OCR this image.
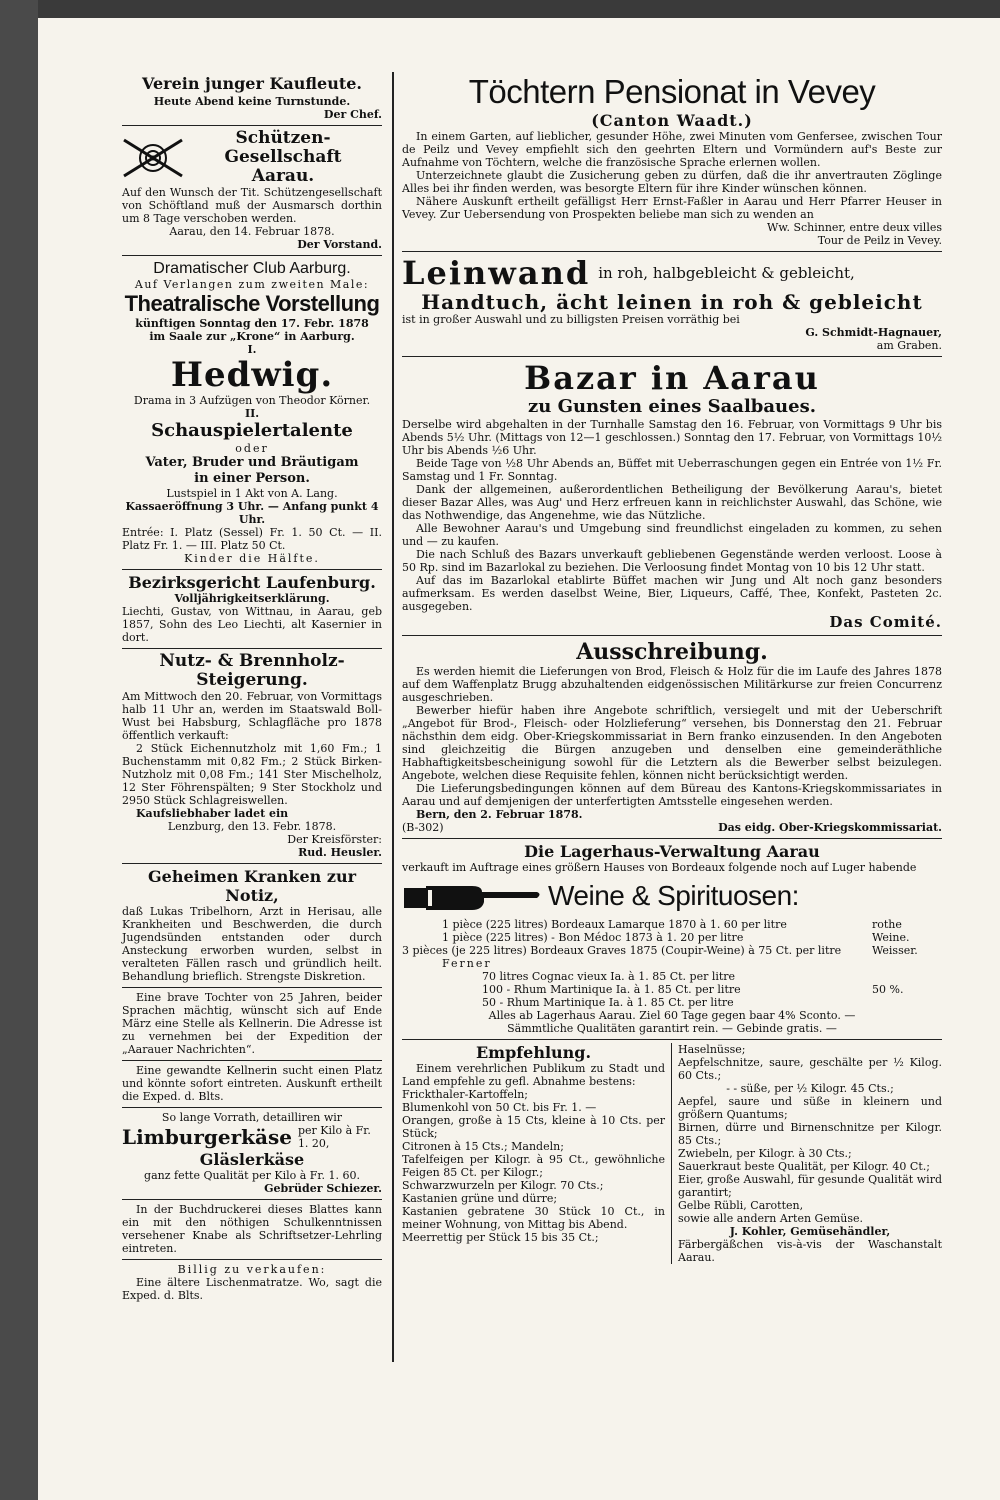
Verein junger Kaufleute.

Heute Abend keine Turnstunde.

Der Chef.

Schützen-Gesellschaft

Aarau.

Auf den Wunsch der Tit. Schützengesellschaft von Schöftland muß der Ausmarsch dorthin um 8 Tage verschoben werden.

Aarau, den 14. Februar 1878.

Der Vorstand.

Dramatischer Club Aarburg.

Auf Verlangen zum zweiten Male:

Theatralische Vorstellung

künftigen Sonntag den 17. Febr. 1878

im Saale zur „Krone“ in Aarburg.

I.

Hedwig.

Drama in 3 Aufzügen von Theodor Körner.

II.

Schauspielertalente

oder

Vater, Bruder und Bräutigam

in einer Person.

Lustspiel in 1 Akt von A. Lang.

Kassaeröffnung 3 Uhr. — Anfang punkt 4 Uhr.

Entrée: I. Platz (Sessel) Fr. 1. 50 Ct. — II. Platz Fr. 1. — III. Platz 50 Ct.

Kinder die Hälfte.

Bezirksgericht Laufenburg.

Volljährigkeitserklärung.

Liechti, Gustav, von Wittnau, in Aarau, geb 1857, Sohn des Leo Liechti, alt Kasernier in dort.

Nutz- & Brennholz-Steigerung.

Am Mittwoch den 20. Februar, von Vormittags halb 11 Uhr an, werden im Staatswald Boll-Wust bei Habsburg, Schlagfläche pro 1878 öffentlich verkauft:

2 Stück Eichennutzholz mit 1,60 Fm.; 1 Buchenstamm mit 0,82 Fm.; 2 Stück Birken-Nutzholz mit 0,08 Fm.; 141 Ster Mischelholz, 12 Ster Föhrenspälten; 9 Ster Stockholz und 2950 Stück Schlagreiswellen.

Kaufsliebhaber ladet ein

Lenzburg, den 13. Febr. 1878.

Der Kreisförster:

Rud. Heusler.

Geheimen Kranken zur Notiz,

daß Lukas Tribelhorn, Arzt in Herisau, alle Krankheiten und Beschwerden, die durch Jugendsünden entstanden oder durch Ansteckung erworben wurden, selbst in veralteten Fällen rasch und gründlich heilt. Behandlung brieflich. Strengste Diskretion.

Eine brave Tochter von 25 Jahren, beider Sprachen mächtig, wünscht sich auf Ende März eine Stelle als Kellnerin. Die Adresse ist zu vernehmen bei der Expedition der „Aarauer Nachrichten“.

Eine gewandte Kellnerin sucht einen Platz und könnte sofort eintreten. Auskunft ertheilt die Exped. d. Blts.

So lange Vorrath, detailliren wir

Limburgerkäse per Kilo à Fr. 1. 20,

Gläslerkäse

ganz fette Qualität per Kilo à Fr. 1. 60.

Gebrüder Schiezer.

In der Buchdruckerei dieses Blattes kann ein mit den nöthigen Schulkenntnissen versehener Knabe als Schriftsetzer-Lehrling eintreten.

Billig zu verkaufen:

Eine ältere Lischenmatratze. Wo, sagt die Exped. d. Blts.

Töchtern Pensionat in Vevey

(Canton Waadt.)

In einem Garten, auf lieblicher, gesunder Höhe, zwei Minuten vom Genfersee, zwischen Tour de Peilz und Vevey empfiehlt sich den geehrten Eltern und Vormündern auf's Beste zur Aufnahme von Töchtern, welche die französische Sprache erlernen wollen.

Unterzeichnete glaubt die Zusicherung geben zu dürfen, daß die ihr anvertrauten Zöglinge Alles bei ihr finden werden, was besorgte Eltern für ihre Kinder wünschen können.

Nähere Auskunft ertheilt gefälligst Herr Ernst-Faßler in Aarau und Herr Pfarrer Heuser in Vevey. Zur Uebersendung von Prospekten beliebe man sich zu wenden an

Ww. Schinner, entre deux villes

Tour de Peilz in Vevey.

Leinwand in roh, halbgebleicht & gebleicht,

Handtuch, ächt leinen in roh & gebleicht

ist in großer Auswahl und zu billigsten Preisen vorräthig bei

G. Schmidt-Hagnauer,

am Graben.

Bazar in Aarau

zu Gunsten eines Saalbaues.

Derselbe wird abgehalten in der Turnhalle Samstag den 16. Februar, von Vormittags 9 Uhr bis Abends 5½ Uhr. (Mittags von 12—1 geschlossen.) Sonntag den 17. Februar, von Vormittags 10½ Uhr bis Abends ½6 Uhr.

Beide Tage von ½8 Uhr Abends an, Büffet mit Ueberraschungen gegen ein Entrée von 1½ Fr. Samstag und 1 Fr. Sonntag.

Dank der allgemeinen, außerordentlichen Betheiligung der Bevölkerung Aarau's, bietet dieser Bazar Alles, was Aug' und Herz erfreuen kann in reichlichster Auswahl, das Schöne, wie das Nothwendige, das Angenehme, wie das Nützliche.

Alle Bewohner Aarau's und Umgebung sind freundlichst eingeladen zu kommen, zu sehen und — zu kaufen.

Die nach Schluß des Bazars unverkauft gebliebenen Gegenstände werden verloost. Loose à 50 Rp. sind im Bazarlokal zu beziehen. Die Verloosung findet Montag von 10 bis 12 Uhr statt.

Auf das im Bazarlokal etablirte Büffet machen wir Jung und Alt noch ganz besonders aufmerksam. Es werden daselbst Weine, Bier, Liqueurs, Caffé, Thee, Konfekt, Pasteten 2c. ausgegeben.

Das Comité.

Ausschreibung.

Es werden hiemit die Lieferungen von Brod, Fleisch & Holz für die im Laufe des Jahres 1878 auf dem Waffenplatz Brugg abzuhaltenden eidgenössischen Militärkurse zur freien Concurrenz ausgeschrieben.

Bewerber hiefür haben ihre Angebote schriftlich, versiegelt und mit der Ueberschrift „Angebot für Brod-, Fleisch- oder Holzlieferung“ versehen, bis Donnerstag den 21. Februar nächsthin dem eidg. Ober-Kriegskommissariat in Bern franko einzusenden. In den Angeboten sind gleichzeitig die Bürgen anzugeben und denselben eine gemeinderäthliche Habhaftigkeitsbescheinigung sowohl für die Letztern als die Bewerber selbst beizulegen. Angebote, welchen diese Requisite fehlen, können nicht berücksichtigt werden.

Die Lieferungsbedingungen können auf dem Büreau des Kantons-Kriegskommissariates in Aarau und auf demjenigen der unterfertigten Amtsstelle eingesehen werden.

Bern, den 2. Februar 1878.

(B-302)	Das eidg. Ober-Kriegskommissariat.

Die Lagerhaus-Verwaltung Aarau

verkauft im Auftrage eines größern Hauses von Bordeaux folgende noch auf Luger habende

Weine & Spirituosen:
1 pièce (225 litres) Bordeaux Lamarque 1870 à 1. 60 per litre	rothe
1 pièce (225 litres) - Bon Médoc 1873 à 1. 20 per litre	Weine.
3 pièces (je 225 litres) Bordeaux Graves 1875 (Coupir-Weine) à 75 Ct. per litre	Weisser.
Ferner
70 litres Cognac vieux Ia. à 1. 85 Ct. per litre
100 - Rhum Martinique Ia. à 1. 85 Ct. per litre	50 %.
50 - Rhum Martinique Ia. à 1. 85 Ct. per litre

Alles ab Lagerhaus Aarau. Ziel 60 Tage gegen baar 4% Sconto. —

Sämmtliche Qualitäten garantirt rein. — Gebinde gratis. —

Empfehlung.

Einem verehrlichen Publikum zu Stadt und Land empfehle zu gefl. Abnahme bestens:

Frickthaler-Kartoffeln;

Blumenkohl von 50 Ct. bis Fr. 1. —

Orangen, große à 15 Cts, kleine à 10 Cts. per Stück;

Citronen à 15 Cts.; Mandeln;

Tafelfeigen per Kilogr. à 95 Ct., gewöhnliche Feigen 85 Ct. per Kilogr.;

Schwarzwurzeln per Kilogr. 70 Cts.;

Kastanien grüne und dürre;

Kastanien gebratene 30 Stück 10 Ct., in meiner Wohnung, von Mittag bis Abend.

Meerrettig per Stück 15 bis 35 Ct.;

Haselnüsse;

Aepfelschnitze, saure, geschälte per ½ Kilog. 60 Cts.;

- - süße, per ½ Kilogr. 45 Cts.;

Aepfel, saure und süße in kleinern und größern Quantums;

Birnen, dürre und Birnenschnitze per Kilogr. 85 Cts.;

Zwiebeln, per Kilogr. à 30 Cts.;

Sauerkraut beste Qualität, per Kilogr. 40 Ct.;

Eier, große Auswahl, für gesunde Qualität wird garantirt;

Gelbe Rübli, Carotten,

sowie alle andern Arten Gemüse.

J. Kohler, Gemüsehändler,

Färbergäßchen vis-à-vis der Waschanstalt Aarau.
